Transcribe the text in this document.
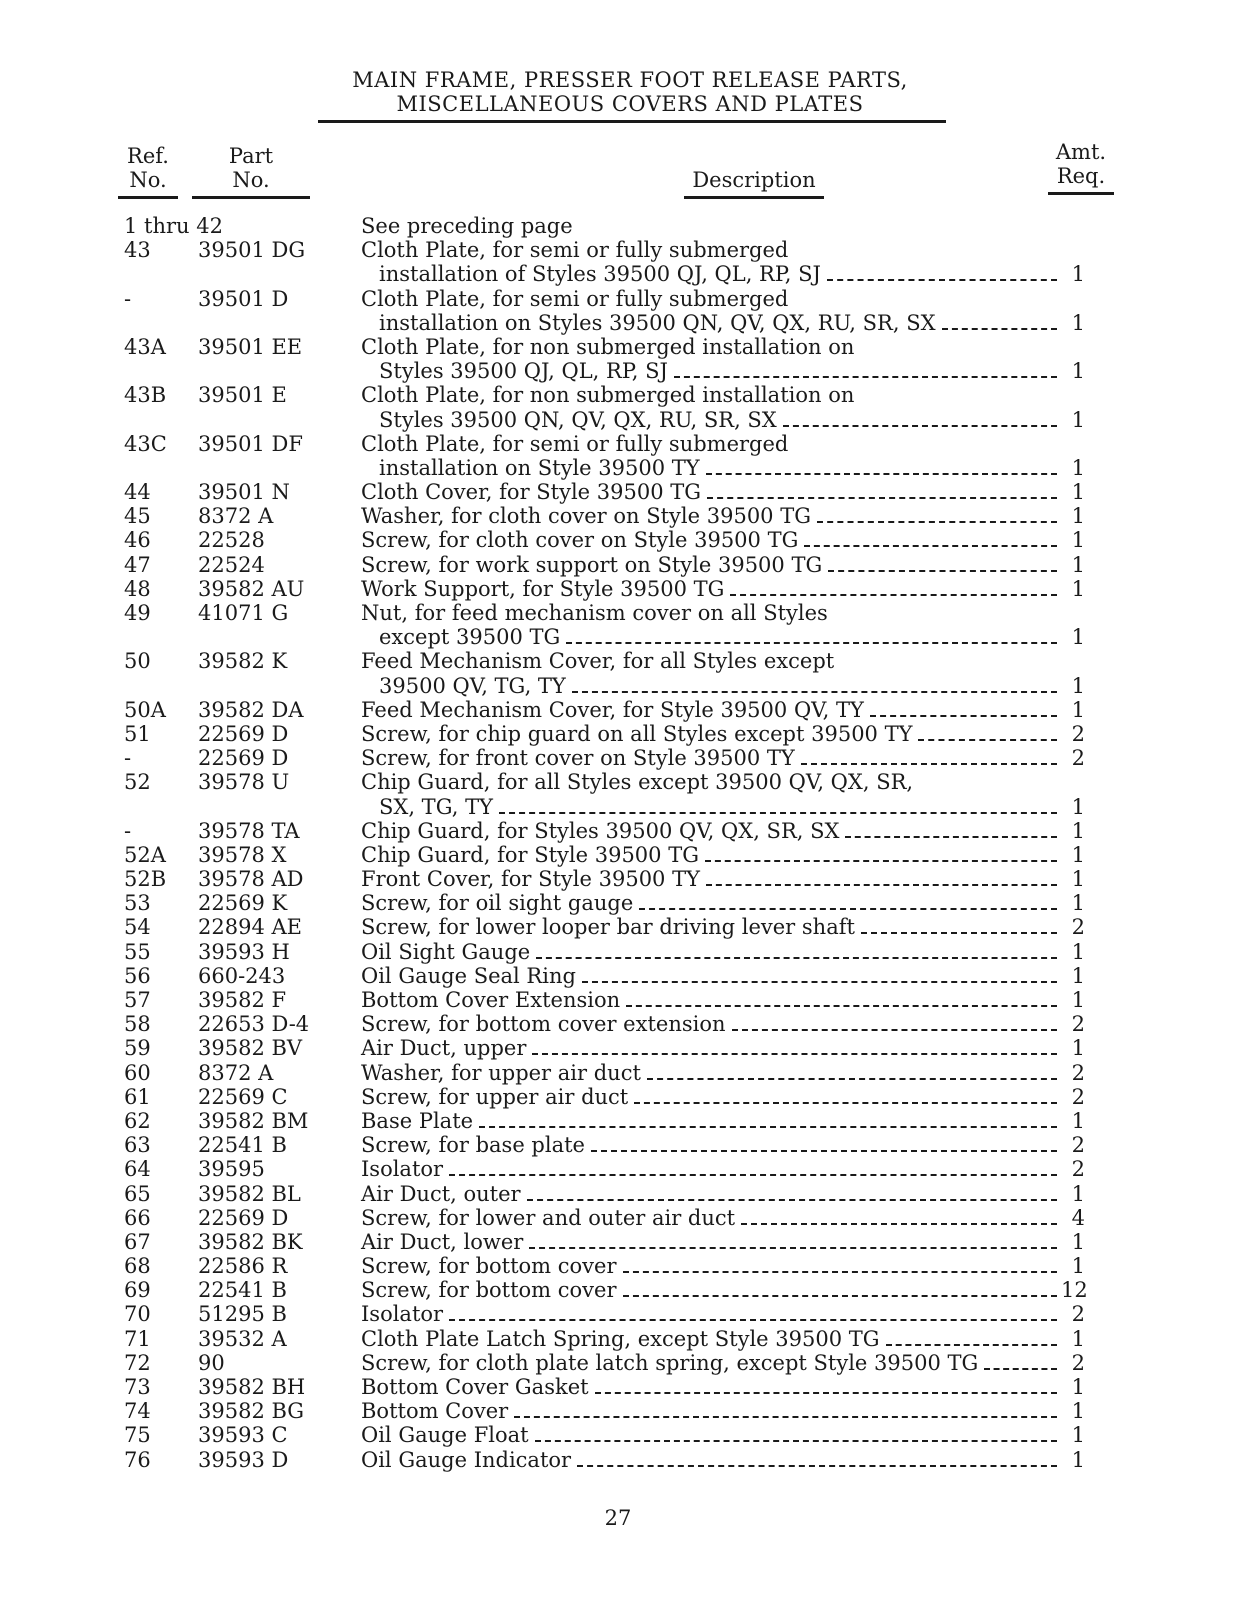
MAIN FRAME, PRESSER FOOT RELEASE PARTS,
MISCELLANEOUS COVERS AND PLATES
Ref.
No.
Part
No.	Description
Amt.
Req.
1 thru 42	See preceding page
43 39501 DG	Cloth Plate, for semi or fully submerged
installation of Styles 39500 QJ, QL, RP, SJ	1
-	39501 D	Cloth Plate, for semi or fully submerged
installation on Styles 39500 QN, QV, QX, RU, SR, SX	1
43A 39501 EE	Cloth Plate, for non submerged installation on
Styles 39500 QJ, QL, RP, SJ	1
43B 39501 E	Cloth Plate, for non submerged installation on
Styles 39500 QN, QV, QX, RU, SR, SX	1
43C 39501 DF	Cloth Plate, for semi or fully submerged
installation on Style 39500 TY	1
44 39501 N	Cloth Cover, for Style 39500 TG	1
45 8372 A	Washer, for cloth cover on Style 39500 TG	1
46 22528	Screw, for cloth cover on Style 39500 TG	1
47 22524	Screw, for work support on Style 39500 TG	1
48 39582 AU	Work Support, for Style 39500 TG	1
49 41071 G	Nut, for feed mechanism cover on all Styles
except 39500 TG	1
50 39582 K	Feed Mechanism Cover, for all Styles except
39500 QV, TG, TY	1
50A 39582 DA	Feed Mechanism Cover, for Style 39500 QV, TY	1
51 22569 D	Screw, for chip guard on all Styles except 39500 TY	2
-	22569 D	Screw, for front cover on Style 39500 TY	2
52 39578 U	Chip Guard, for all Styles except 39500 QV, QX, SR,
SX, TG, TY	1
-	39578 TA	Chip Guard, for Styles 39500 QV, QX, SR, SX	1
52A 39578 X	Chip Guard, for Style 39500 TG	1
52B 39578 AD	Front Cover, for Style 39500 TY	1
53 22569 K	Screw, for oil sight gauge	1
54 22894 AE	Screw, for lower looper bar driving lever shaft	2
55 39593 H	Oil Sight Gauge	1
56 660-243	Oil Gauge Seal Ring	1
57 39582 F	Bottom Cover Extension	1
58 22653 D-4 Screw, for bottom cover extension	2
59 39582 BV	Air Duct, upper	1
60 8372 A	Washer, for upper air duct	2
61 22569 C	Screw, for upper air duct	2
62 39582 BM	Base Plate	1
63 22541 B	Screw, for base plate	2
64 39595	Isolator	2
65 39582 BL	Air Duct, outer	1
66 22569 D	Screw, for lower and outer air duct	4
67 39582 BK	Air Duct, lower	1
68 22586 R	Screw, for bottom cover	1
69 22541 B	Screw, for bottom cover	12
70 51295 B	Isolator	2
71 39532 A	Cloth Plate Latch Spring, except Style 39500 TG	1
72 90	Screw, for cloth plate latch spring, except Style 39500 TG	2
73 39582 BH	Bottom Cover Gasket	1
74 39582 BG	Bottom Cover	1
75 39593 C	Oil Gauge Float	1
76 39593 D	Oil Gauge Indicator	1
27
